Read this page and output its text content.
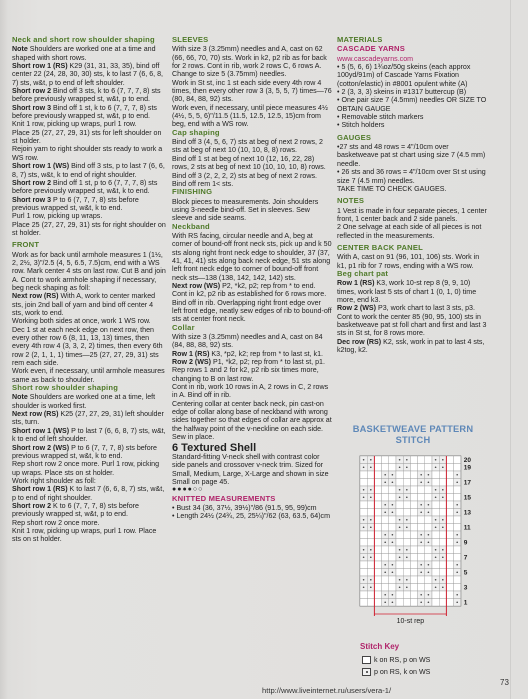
Neck and short row shoulder shaping
Note Shoulders are worked one at a time and shaped with short rows.
Short row 1 (RS) K29 (31, 31, 33, 35), bind off center 22 (24, 28, 30, 30) sts, k to last 7 (6, 6, 8, 7) sts, w&t, p to end of left shoulder.
Short row 2 Bind off 3 sts, k to 6 (7, 7, 7, 8) sts before previously wrapped st, w&t, p to end.
Short row 3 Bind off 1 st, k to 6 (7, 7, 7, 8) sts before previously wrapped st, w&t, p to end.
Knit 1 row, picking up wraps, purl 1 row.
Place 25 (27, 27, 29, 31) sts for left shoulder on st holder.
Rejoin yarn to right shoulder sts ready to work a WS row.
Short row 1 (WS) Bind off 3 sts, p to last 7 (6, 6, 8, 7) sts, w&t, k to end of right shoulder.
Short row 2 Bind off 1 st, p to 6 (7, 7, 7, 8) sts before previously wrapped st, w&t, k to end.
Short row 3 P to 6 (7, 7, 7, 8) sts before previous wrapped st, w&t, k to end.
Purl 1 row, picking up wraps.
Place 25 (27, 27, 29, 31) sts for right shoulder on st holder.
FRONT
Work as for back until armhole measures 1 (1½, 2, 2½, 3)"/2.5 (4, 5, 6.5, 7.5)cm, end with a WS row. Mark center 4 sts on last row. Cut B and join A. Cont to work armhole shaping if necessary, beg neck shaping as foll:
Next row (RS) With A, work to center marked sts, join 2nd ball of yarn and bind off center 4 sts, work to end.
Working both sides at once, work 1 WS row.
Dec 1 st at each neck edge on next row, then every other row 6 (8, 11, 13, 13) times, then every 4th row 4 (3, 3, 2, 2) times, then every 6th row 2 (2, 1, 1, 1) times—25 (27, 27, 29, 31) sts rem each side.
Work even, if necessary, until armhole measures same as back to shoulder.
Short row shoulder shaping
Note Shoulders are worked one at a time, left shoulder is worked first.
Next row (RS) K25 (27, 27, 29, 31) left shoulder sts, turn.
Short row 1 (WS) P to last 7 (6, 6, 8, 7) sts, w&t, k to end of left shoulder.
Short row 2 (WS) P to 6 (7, 7, 7, 8) sts before previous wrapped st, w&t, k to end.
Rep short row 2 once more. Purl 1 row, picking up wraps. Place sts on st holder.
Work right shoulder as foll:
Short row 1 (RS) K to last 7 (6, 6, 8, 7) sts, w&t, p to end of right shoulder.
Short row 2 K to 6 (7, 7, 7, 8) sts before previously wrapped st, w&t, p to end.
Rep short row 2 once more.
Knit 1 row, picking up wraps, purl 1 row. Place sts on st holder.
SLEEVES
With size 3 (3.25mm) needles and A, cast on 62 (66, 66, 70, 70) sts. Work in k2, p2 rib as for back for 2 rows. Cont in rib, work 2 rows C, 6 rows A. Change to size 5 (3.75mm) needles.
Work in St st, inc 1 st each side every 4th row 4 times, then every other row 3 (3, 5, 5, 7) times—76 (80, 84, 88, 92) sts.
Work even, if necessary, until piece measures 4½ (4½, 5, 5, 6)"/11.5 (11.5, 12.5, 12.5, 15)cm from beg, end with a WS row.
Cap shaping
Bind off 3 (4, 5, 6, 7) sts at beg of next 2 rows, 2 sts at beg of next 10 (10, 10, 8, 8) rows.
Bind off 1 st at beg of next 10 (12, 16, 22, 28) rows, 2 sts at beg of next 10 (10, 10, 10, 8) rows.
Bind off 3 (2, 2, 2, 2) sts at beg of next 2 rows. Bind off rem 1< sts.
FINISHING
Block pieces to measurements. Join shoulders using 3-needle bind-off. Set in sleeves. Sew sleeve and side seams.
Neckband
With RS facing, circular needle and A, beg at corner of bound-off front neck sts, pick up and k 50 sts along right front neck edge to shoulder, 37 (37, 41, 41, 41) sts along back neck edge, 51 sts along left front neck edge to corner of bound-off front neck sts—138 (138, 142, 142, 142) sts.
Next row (WS) P2, *k2, p2; rep from * to end. Cont in k2, p2 rib as established for 6 rows more. Bind off in rib. Overlapping right front edge over left front edge, neatly sew edges of rib to bound-off sts at center front neck.
Collar
With size 3 (3.25mm) needles and A, cast on 84 (84, 88, 88, 92) sts.
Row 1 (RS) K3, *p2, k2; rep from * to last st, k1.
Row 2 (WS) P1, *k2, p2; rep from * to last st, p1.
Rep rows 1 and 2 for k2, p2 rib six times more, changing to B on last row.
Cont in rib, work 10 rows in A, 2 rows in C, 2 rows in A. Bind off in rib.
Centering collar at center back neck, pin cast-on edge of collar along base of neckband with wrong sides together so that edges of collar are approx at the halfway point of the v-neckline on each side. Sew in place.
6 Textured Shell
Standard-fitting V-neck shell with contrast color side panels and crossover v-neck trim. Sized for Small, Medium, Large, X-Large and shown in size Small on page 45.
●●●●○○
KNITTED MEASUREMENTS
• Bust 34 (36, 37½, 39½)"/86 (91.5, 95, 99)cm
• Length 24½ (24¾, 25, 25¼)"/62 (63, 63.5, 64)cm
MATERIALS
CASCADE YARNS
www.cascadeyarns.com
• 5 (5, 6, 6) 1¾oz/50g skeins (each approx 100yd/91m) of Cascade Yarns Fixation (cotton/elastic) in #8001 opulent white (A)
• 2 (3, 3, 3) skeins in #1317 buttercup (B)
• One pair size 7 (4.5mm) needles OR SIZE TO OBTAIN GAUGE
• Removable stitch markers
• Stitch holders
GAUGES
•27 sts and 48 rows = 4"/10cm over basketweave pat st chart using size 7 (4.5 mm) needle.
• 26 sts and 36 rows = 4"/10cm over St st using size 7 (4.5 mm) needles.
TAKE TIME TO CHECK GAUGES.
NOTES
1 Vest is made in four separate pieces, 1 center front, 1 center back and 2 side panels.
2 One selvage at each side of all pieces is not reflected in the measurements.
CENTER BACK PANEL
With A, cast on 91 (96, 101, 106) sts. Work in k1, p1 rib for 7 rows, ending with a WS row.
Beg chart pat
Row 1 (RS) K3, work 10-st rep 8 (9, 9, 10) times, work last 5 sts of chart 1 (0, 1, 0) time more, end k3.
Row 2 (WS) P3, work chart to last 3 sts, p3.
Cont to work the center 85 (90, 95, 100) sts in basketweave pat st foll chart and first and last 3 sts in St st, for 8 rows more.
Dec row (RS) K2, ssk, work in pat to last 4 sts, k2tog, k2.
BASKETWEAVE PATTERN
STITCH
10-st rep
20
19
17
15
13
11
9
7
5
3
1
Stitch Key
k on RS, p on WS
p on RS, k on WS
http://www.liveinternet.ru/users/vera-1/
73
